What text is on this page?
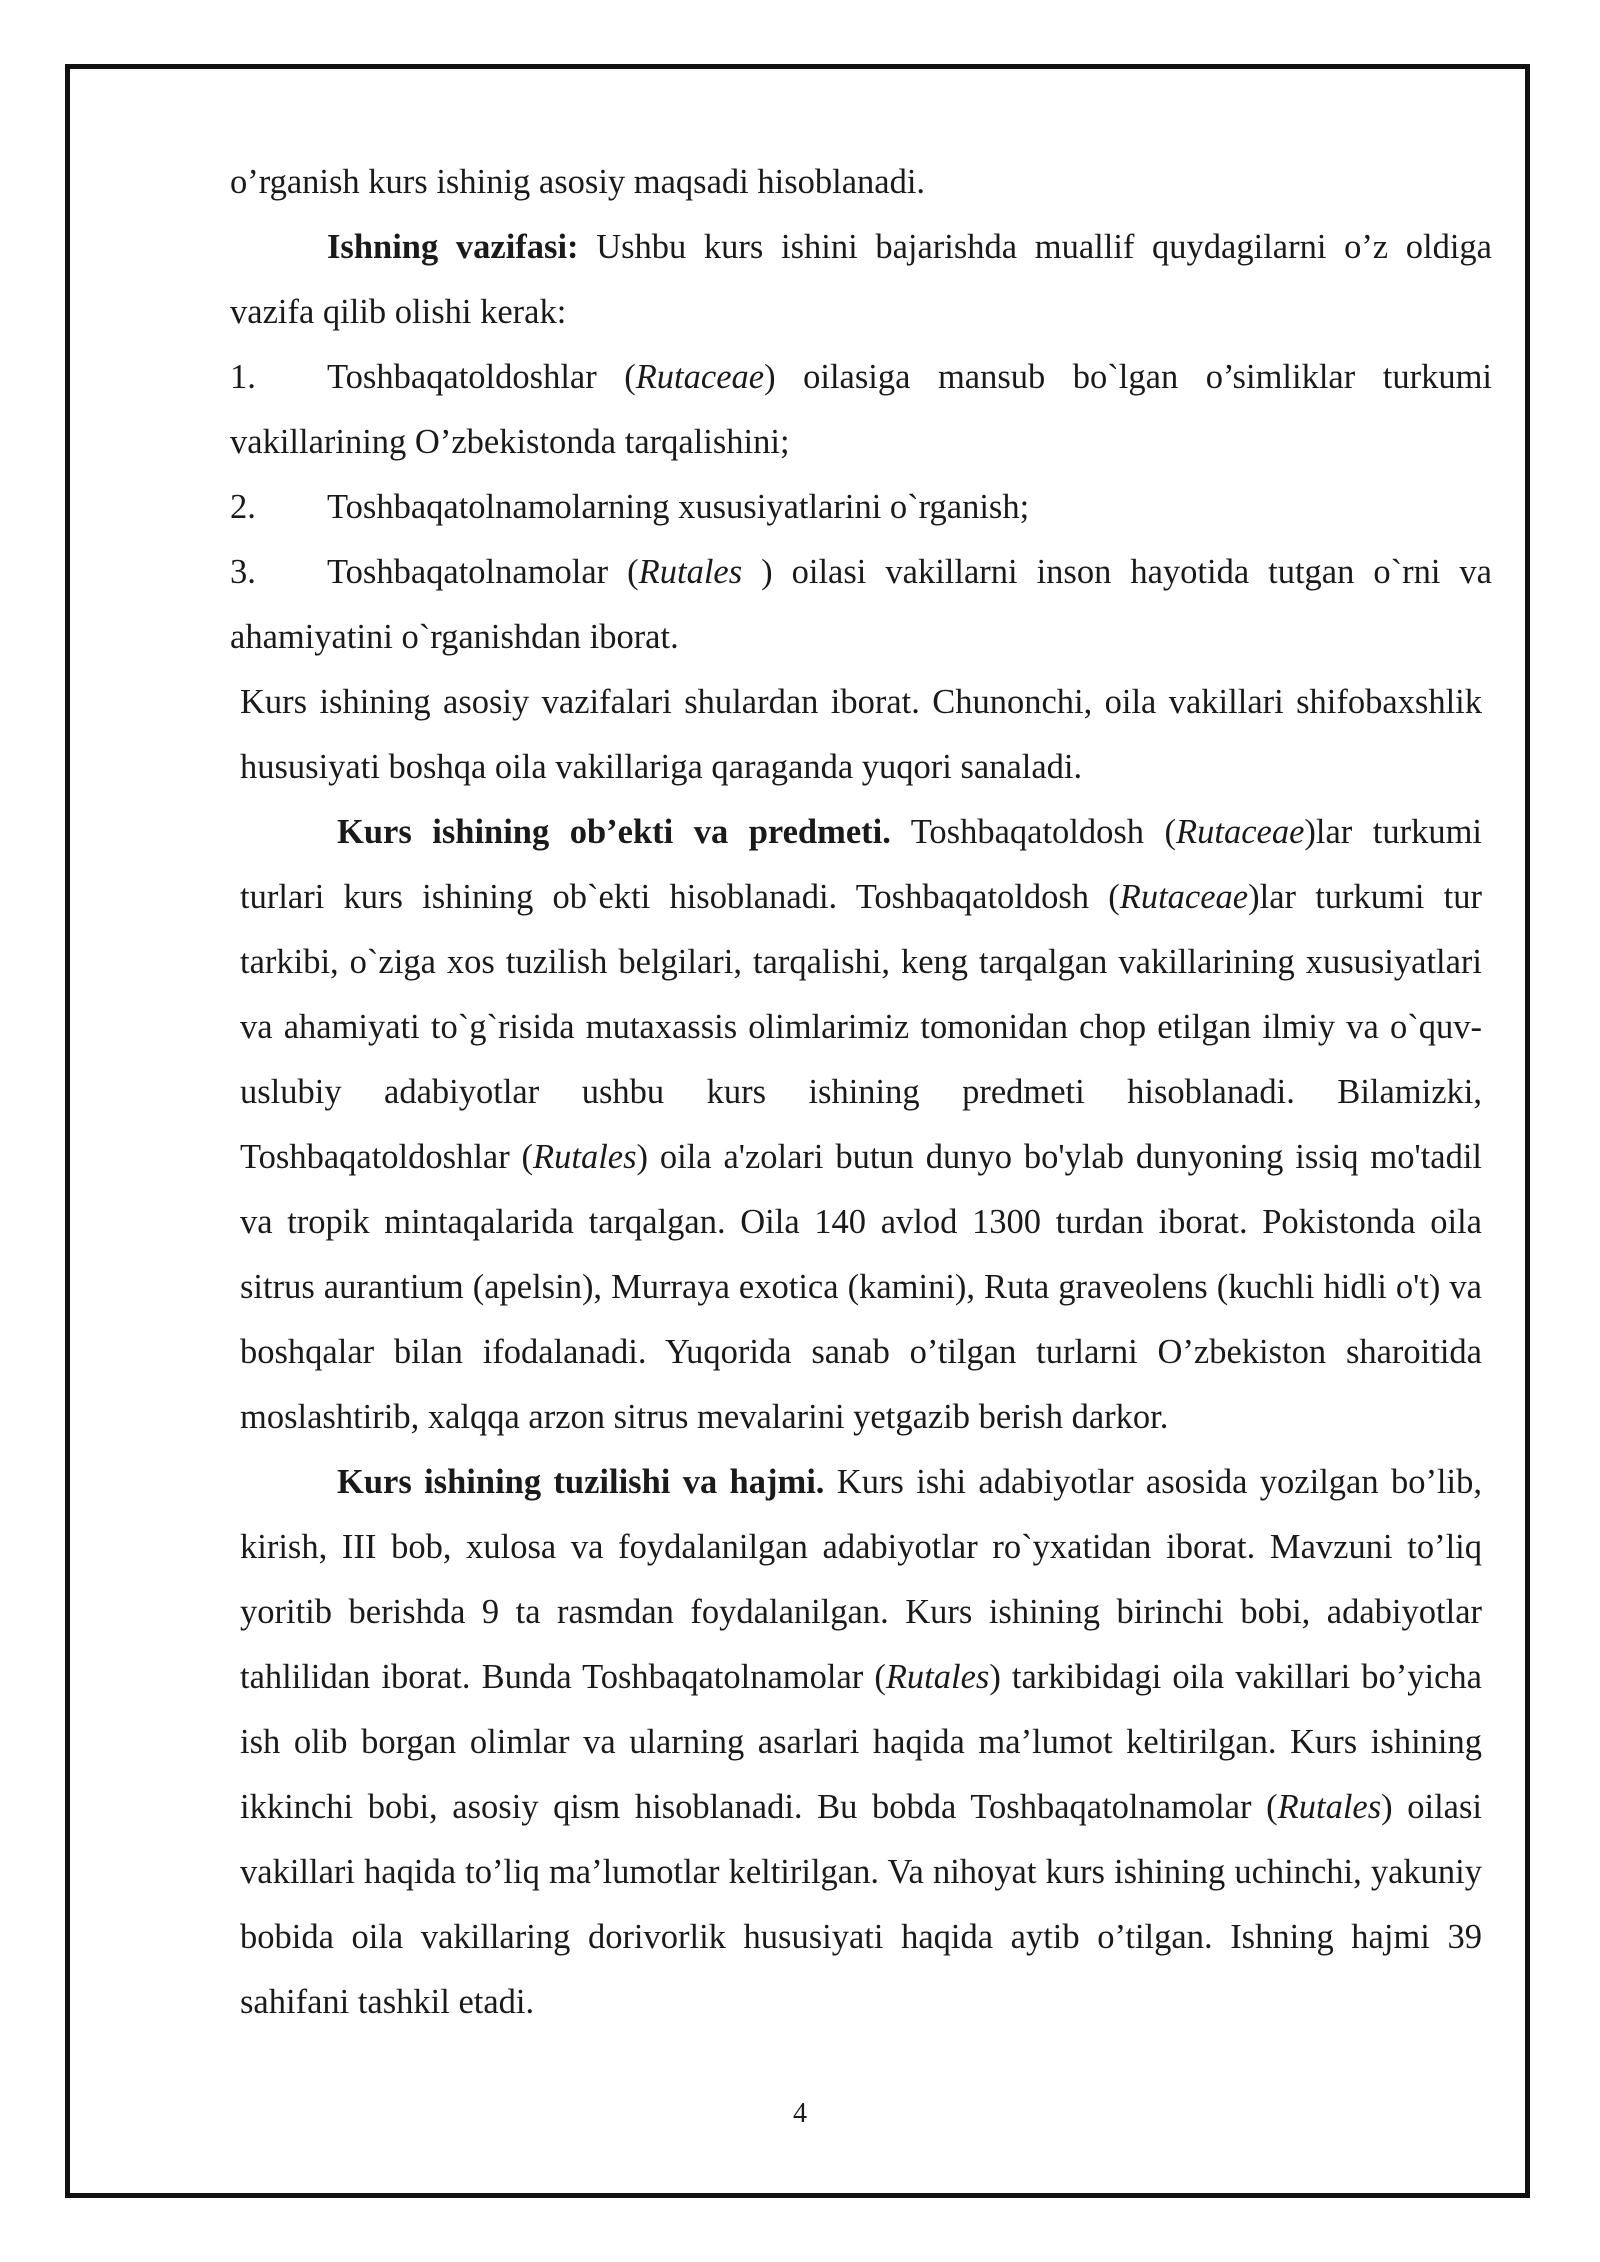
o’rganish kurs ishinig asosiy maqsadi hisoblanadi.

Ishning vazifasi: Ushbu kurs ishini bajarishda muallif quydagilarni o’z oldiga vazifa qilib olishi kerak:

1. Toshbaqatoldoshlar (Rutaceae) oilasiga mansub bo`lgan o’simliklar turkumi vakillarining O’zbekistonda tarqalishini;

2. Toshbaqatolnamolarning xususiyatlarini o`rganish;

3. Toshbaqatolnamolar (Rutales ) oilasi vakillarni inson hayotida tutgan o`rni va ahamiyatini o`rganishdan iborat.

Kurs ishining asosiy vazifalari shulardan iborat. Chunonchi, oila vakillari shifobaxshlik hususiyati boshqa oila vakillariga qaraganda yuqori sanaladi.

Kurs ishining ob’ekti va predmeti. Toshbaqatoldosh (Rutaceae)lar turkumi turlari kurs ishining ob`ekti hisoblanadi. Toshbaqatoldosh (Rutaceae)lar turkumi tur tarkibi, o`ziga xos tuzilish belgilari, tarqalishi, keng tarqalgan vakillarining xususiyatlari va ahamiyati to`g`risida mutaxassis olimlarimiz tomonidan chop etilgan ilmiy va o`quv-uslubiy adabiyotlar ushbu kurs ishining predmeti hisoblanadi. Bilamizki, Toshbaqatoldoshlar (Rutales) oila a'zolari butun dunyo bo'ylab dunyoning issiq mo'tadil va tropik mintaqalarida tarqalgan. Oila 140 avlod 1300 turdan iborat. Pokistonda oila sitrus aurantium (apelsin), Murraya exotica (kamini), Ruta graveolens (kuchli hidli o't) va boshqalar bilan ifodalanadi. Yuqorida sanab o’tilgan turlarni O’zbekiston sharoitida moslashtirib, xalqqa arzon sitrus mevalarini yetgazib berish darkor.

Kurs ishining tuzilishi va hajmi. Kurs ishi adabiyotlar asosida yozilgan bo’lib, kirish, III bob, xulosa va foydalanilgan adabiyotlar ro`yxatidan iborat. Mavzuni to’liq yoritib berishda 9 ta rasmdan foydalanilgan. Kurs ishining birinchi bobi, adabiyotlar tahlilidan iborat. Bunda Toshbaqatolnamolar (Rutales) tarkibidagi oila vakillari bo’yicha ish olib borgan olimlar va ularning asarlari haqida ma’lumot keltirilgan. Kurs ishining ikkinchi bobi, asosiy qism hisoblanadi. Bu bobda Toshbaqatolnamolar (Rutales) oilasi vakillari haqida to’liq ma’lumotlar keltirilgan. Va nihoyat kurs ishining uchinchi, yakuniy bobida oila vakillaring dorivorlik hususiyati haqida aytib o’tilgan. Ishning hajmi 39 sahifani tashkil etadi.

4
